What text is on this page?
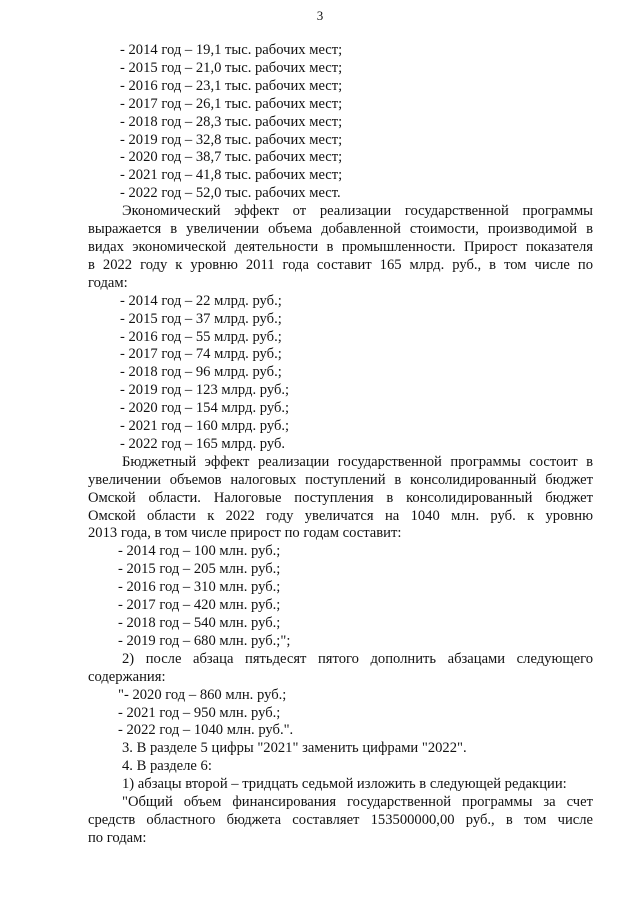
3
- 2014 год – 19,1 тыс. рабочих мест;
- 2015 год – 21,0 тыс. рабочих мест;
- 2016 год – 23,1 тыс. рабочих мест;
- 2017 год – 26,1 тыс. рабочих мест;
- 2018 год – 28,3 тыс. рабочих мест;
- 2019 год – 32,8 тыс. рабочих мест;
- 2020 год – 38,7 тыс. рабочих мест;
- 2021 год – 41,8 тыс. рабочих мест;
- 2022 год – 52,0 тыс. рабочих мест.
Экономический эффект от реализации государственной программы
выражается в увеличении объема добавленной стоимости, производимой в
видах экономической деятельности в промышленности. Прирост показателя
в 2022 году к уровню 2011 года составит 165 млрд. руб., в том числе по
годам:
- 2014 год – 22 млрд. руб.;
- 2015 год – 37 млрд. руб.;
- 2016 год – 55 млрд. руб.;
- 2017 год – 74 млрд. руб.;
- 2018 год – 96 млрд. руб.;
- 2019 год – 123 млрд. руб.;
- 2020 год – 154 млрд. руб.;
- 2021 год – 160 млрд. руб.;
- 2022 год – 165 млрд. руб.
Бюджетный эффект реализации государственной программы состоит в
увеличении объемов налоговых поступлений в консолидированный бюджет
Омской области. Налоговые поступления в консолидированный бюджет
Омской области к 2022 году увеличатся на 1040 млн. руб. к уровню
2013 года, в том числе прирост по годам составит:
- 2014 год – 100 млн. руб.;
- 2015 год – 205 млн. руб.;
- 2016 год – 310 млн. руб.;
- 2017 год – 420 млн. руб.;
- 2018 год – 540 млн. руб.;
- 2019 год – 680 млн. руб.;";
2) после абзаца пятьдесят пятого дополнить абзацами следующего
содержания:
"- 2020 год – 860 млн. руб.;
- 2021 год – 950 млн. руб.;
- 2022 год – 1040 млн. руб.".
3. В разделе 5 цифры "2021" заменить цифрами "2022".
4. В разделе 6:
1) абзацы второй – тридцать седьмой изложить в следующей редакции:
"Общий объем финансирования государственной программы за счет
средств областного бюджета составляет 153500000,00 руб., в том числе
по годам:
